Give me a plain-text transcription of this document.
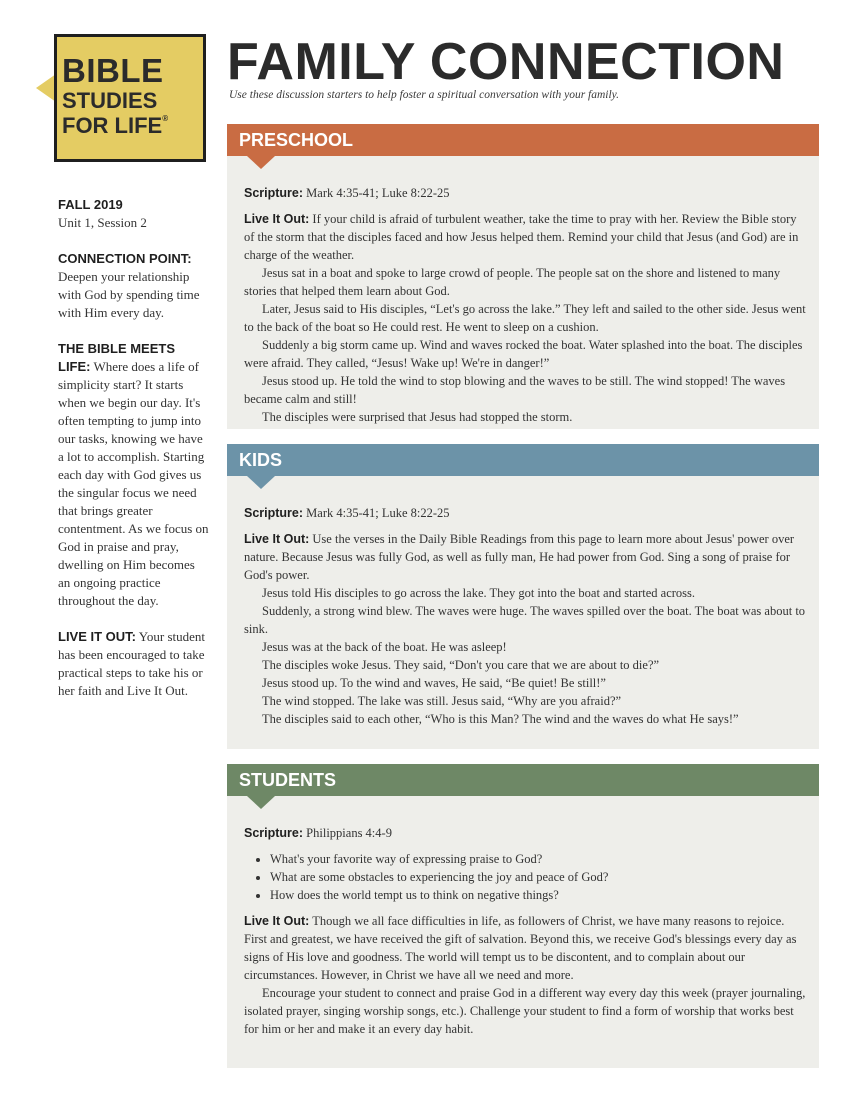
BIBLE
STUDIES
FOR LIFE®
FAMILY CONNECTION
Use these discussion starters to help foster a spiritual conversation with your family.
FALL 2019
Unit 1, Session 2
CONNECTION POINT:
Deepen your relationship with God by spending time with Him every day.
THE BIBLE MEETS LIFE: Where does a life of simplicity start? It starts when we begin our day. It's often tempting to jump into our tasks, knowing we have a lot to accomplish. Starting each day with God gives us the singular focus we need that brings greater contentment. As we focus on God in praise and pray, dwelling on Him becomes an ongoing practice throughout the day.
LIVE IT OUT: Your student has been encouraged to take practical steps to take his or her faith and Live It Out.
PRESCHOOL
Scripture: Mark 4:35-41; Luke 8:22-25

Live It Out: If your child is afraid of turbulent weather, take the time to pray with her. Review the Bible story of the storm that the disciples faced and how Jesus helped them. Remind your child that Jesus (and God) are in charge of the weather.

Jesus sat in a boat and spoke to large crowd of people. The people sat on the shore and listened to many stories that helped them learn about God.

Later, Jesus said to His disciples, “Let's go across the lake.” They left and sailed to the other side. Jesus went to the back of the boat so He could rest. He went to sleep on a cushion.

Suddenly a big storm came up. Wind and waves rocked the boat. Water splashed into the boat. The disciples were afraid. They called, “Jesus! Wake up! We're in danger!”

Jesus stood up. He told the wind to stop blowing and the waves to be still. The wind stopped! The waves became calm and still!

The disciples were surprised that Jesus had stopped the storm.

KIDS
Scripture: Mark 4:35-41; Luke 8:22-25

Live It Out: Use the verses in the Daily Bible Readings from this page to learn more about Jesus' power over nature. Because Jesus was fully God, as well as fully man, He had power from God. Sing a song of praise for God's power.

Jesus told His disciples to go across the lake. They got into the boat and started across.

Suddenly, a strong wind blew. The waves were huge. The waves spilled over the boat. The boat was about to sink.

Jesus was at the back of the boat. He was asleep!

The disciples woke Jesus. They said, “Don't you care that we are about to die?”

Jesus stood up. To the wind and waves, He said, “Be quiet! Be still!”

The wind stopped. The lake was still. Jesus said, “Why are you afraid?”

The disciples said to each other, “Who is this Man? The wind and the waves do what He says!”

STUDENTS
Scripture: Philippians 4:4-9
• What's your favorite way of expressing praise to God?
• What are some obstacles to experiencing the joy and peace of God?
• How does the world tempt us to think on negative things?

Live It Out: Though we all face difficulties in life, as followers of Christ, we have many reasons to rejoice. First and greatest, we have received the gift of salvation. Beyond this, we receive God's blessings every day as signs of His love and goodness. The world will tempt us to be discontent, and to complain about our circumstances. However, in Christ we have all we need and more.

Encourage your student to connect and praise God in a different way every day this week (prayer journaling, isolated prayer, singing worship songs, etc.). Challenge your student to find a form of worship that works best for him or her and make it an every day habit.
